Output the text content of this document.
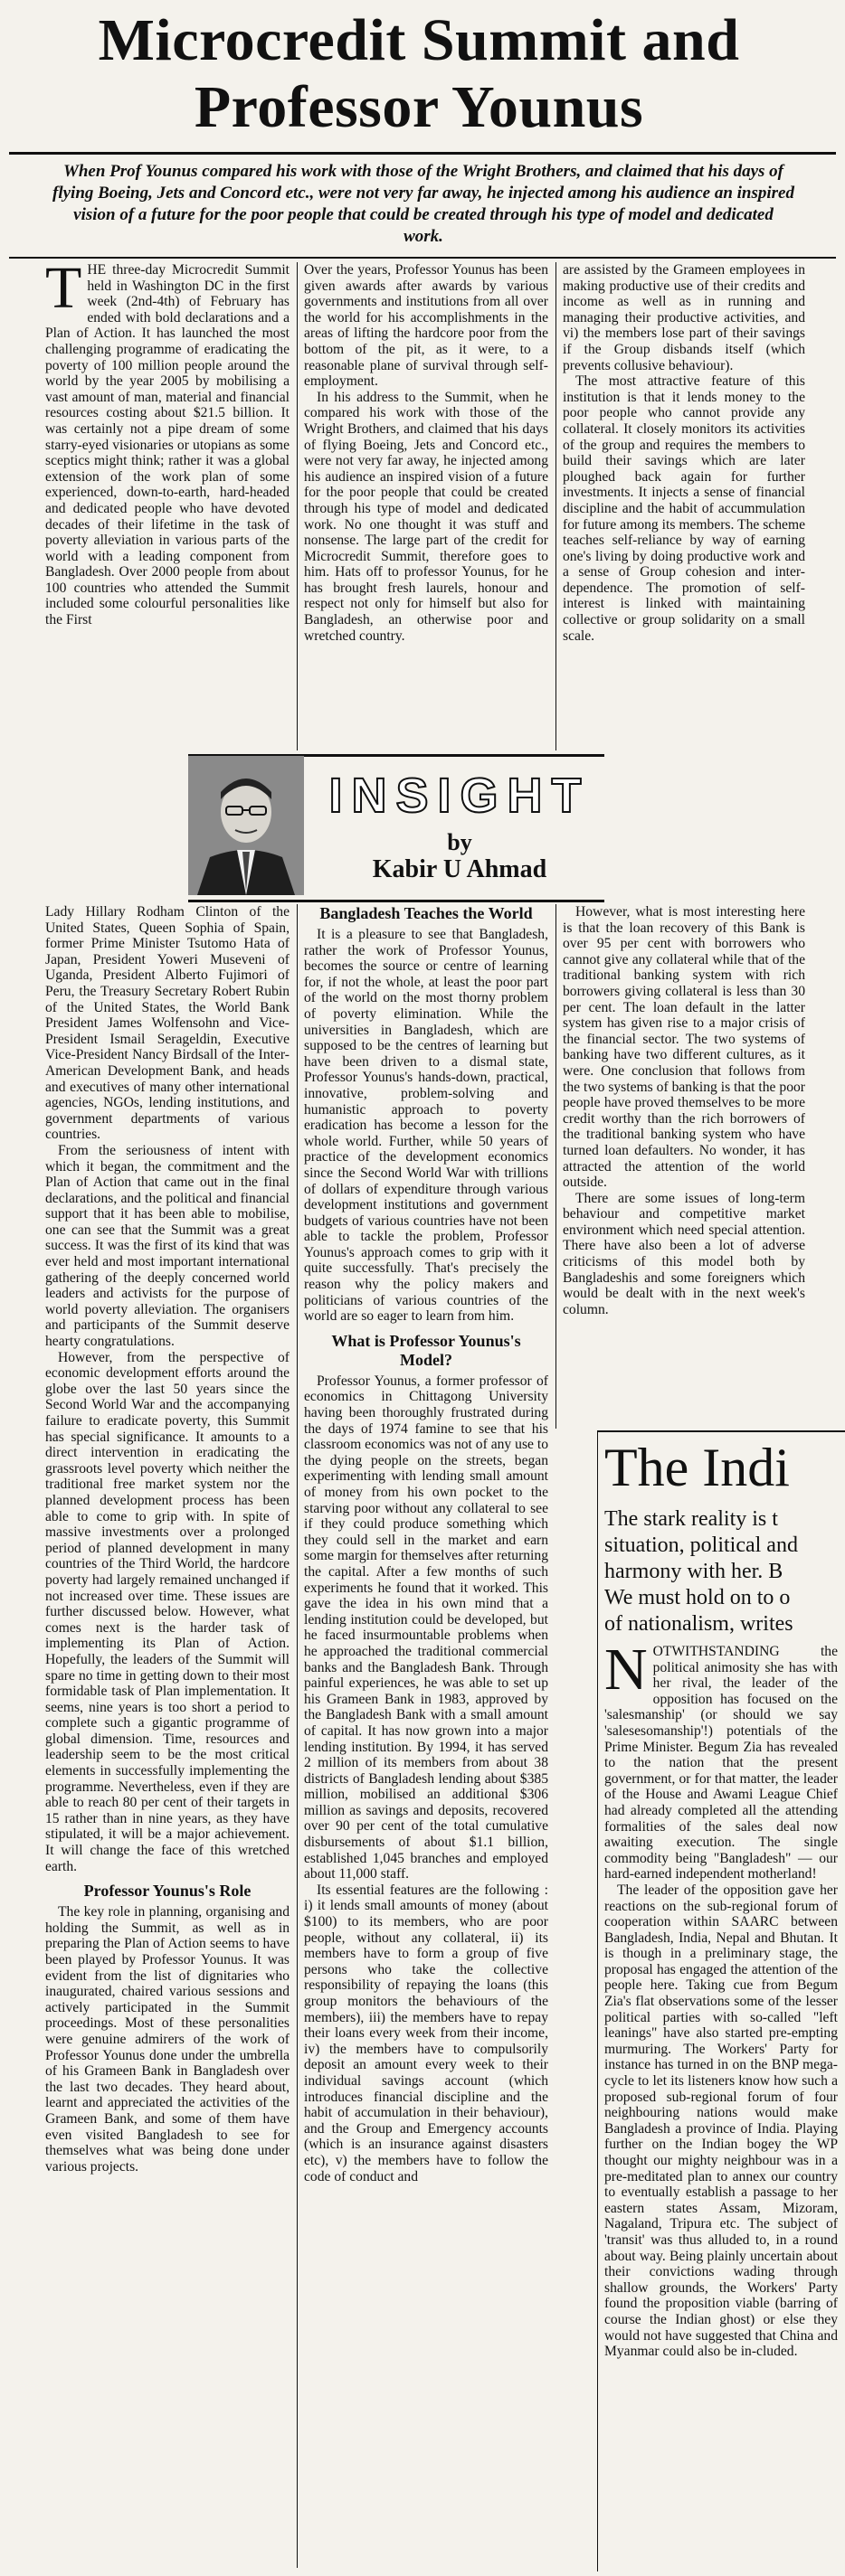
Microcredit Summit and
Professor Younus
When Prof Younus compared his work with those of the Wright Brothers, and claimed that his days of flying Boeing, Jets and Concord etc., were not very far away, he injected among his audience an inspired vision of a future for the poor people that could be created through his type of model and dedicated work.

THE three-day Microcredit Summit held in Washington DC in the first week (2nd-4th) of February has ended with bold declarations and a Plan of Action. It has launched the most challenging programme of eradicating the poverty of 100 million people around the world by the year 2005 by mobilising a vast amount of man, material and financial resources costing about $21.5 billion. It was certainly not a pipe dream of some starry-eyed visionaries or utopians as some sceptics might think; rather it was a global extension of the work plan of some experienced, down-to-earth, hard-headed and dedicated people who have devoted decades of their lifetime in the task of poverty alleviation in various parts of the world with a leading component from Bangladesh. Over 2000 people from about 100 countries who attended the Summit included some colourful personalities like the First

Over the years, Professor Younus has been given awards after awards by various governments and institutions from all over the world for his accomplishments in the areas of lifting the hardcore poor from the bottom of the pit, as it were, to a reasonable plane of survival through self-employment.

In his address to the Summit, when he compared his work with those of the Wright Brothers, and claimed that his days of flying Boeing, Jets and Concord etc., were not very far away, he injected among his audience an inspired vision of a future for the poor people that could be created through his type of model and dedicated work. No one thought it was stuff and nonsense. The large part of the credit for Microcredit Summit, therefore goes to him. Hats off to professor Younus, for he has brought fresh laurels, honour and respect not only for himself but also for Bangladesh, an otherwise poor and wretched country.

are assisted by the Grameen employees in making productive use of their credits and income as well as in running and managing their productive activities, and vi) the members lose part of their savings if the Group disbands itself (which prevents collusive behaviour).

The most attractive feature of this institution is that it lends money to the poor people who cannot provide any collateral. It closely monitors its activities of the group and requires the members to build their savings which are later ploughed back again for further investments. It injects a sense of financial discipline and the habit of accummulation for future among its members. The scheme teaches self-reliance by way of earning one's living by doing productive work and a sense of Group cohesion and inter-dependence. The promotion of self-interest is linked with maintaining collective or group solidarity on a small scale.

INSIGHT
by
Kabir U Ahmad

Lady Hillary Rodham Clinton of the United States, Queen Sophia of Spain, former Prime Minister Tsutomo Hata of Japan, President Yoweri Museveni of Uganda, President Alberto Fujimori of Peru, the Treasury Secretary Robert Rubin of the United States, the World Bank President James Wolfensohn and Vice-President Ismail Serageldin, Executive Vice-President Nancy Birdsall of the Inter-American Development Bank, and heads and executives of many other international agencies, NGOs, lending institutions, and government departments of various countries.

From the seriousness of intent with which it began, the commitment and the Plan of Action that came out in the final declarations, and the political and financial support that it has been able to mobilise, one can see that the Summit was a great success. It was the first of its kind that was ever held and most important international gathering of the deeply concerned world leaders and activists for the purpose of world poverty alleviation. The organisers and participants of the Summit deserve hearty congratulations.

However, from the perspective of economic development efforts around the globe over the last 50 years since the Second World War and the accompanying failure to eradicate poverty, this Summit has special significance. It amounts to a direct intervention in eradicating the grassroots level poverty which neither the traditional free market system nor the planned development process has been able to come to grip with. In spite of massive investments over a prolonged period of planned development in many countries of the Third World, the hardcore poverty had largely remained unchanged if not increased over time. These issues are further discussed below. However, what comes next is the harder task of implementing its Plan of Action. Hopefully, the leaders of the Summit will spare no time in getting down to their most formidable task of Plan implementation. It seems, nine years is too short a period to complete such a gigantic programme of global dimension. Time, resources and leadership seem to be the most critical elements in successfully implementing the programme. Nevertheless, even if they are able to reach 80 per cent of their targets in 15 rather than in nine years, as they have stipulated, it will be a major achievement. It will change the face of this wretched earth.

Professor Younus's Role

The key role in planning, organising and holding the Summit, as well as in preparing the Plan of Action seems to have been played by Professor Younus. It was evident from the list of dignitaries who inaugurated, chaired various sessions and actively participated in the Summit proceedings. Most of these personalities were genuine admirers of the work of Professor Younus done under the umbrella of his Grameen Bank in Bangladesh over the last two decades. They heard about, learnt and appreciated the activities of the Grameen Bank, and some of them have even visited Bangladesh to see for themselves what was being done under various projects.

Bangladesh Teaches the World

It is a pleasure to see that Bangladesh, rather the work of Professor Younus, becomes the source or centre of learning for, if not the whole, at least the poor part of the world on the most thorny problem of poverty elimination. While the universities in Bangladesh, which are supposed to be the centres of learning but have been driven to a dismal state, Professor Younus's hands-down, practical, innovative, problem-solving and humanistic approach to poverty eradication has become a lesson for the whole world. Further, while 50 years of practice of the development economics since the Second World War with trillions of dollars of expenditure through various development institutions and government budgets of various countries have not been able to tackle the problem, Professor Younus's approach comes to grip with it quite successfully. That's precisely the reason why the policy makers and politicians of various countries of the world are so eager to learn from him.

What is Professor Younus's Model?

Professor Younus, a former professor of economics in Chittagong University having been thoroughly frustrated during the days of 1974 famine to see that his classroom economics was not of any use to the dying people on the streets, began experimenting with lending small amount of money from his own pocket to the starving poor without any collateral to see if they could produce something which they could sell in the market and earn some margin for themselves after returning the capital. After a few months of such experiments he found that it worked. This gave the idea in his own mind that a lending institution could be developed, but he faced insurmountable problems when he approached the traditional commercial banks and the Bangladesh Bank. Through painful experiences, he was able to set up his Grameen Bank in 1983, approved by the Bangladesh Bank with a small amount of capital. It has now grown into a major lending institution. By 1994, it has served 2 million of its members from about 38 districts of Bangladesh lending about $385 million, mobilised an additional $306 million as savings and deposits, recovered over 90 per cent of the total cumulative disbursements of about $1.1 billion, established 1,045 branches and employed about 11,000 staff.

Its essential features are the following : i) it lends small amounts of money (about $100) to its members, who are poor people, without any collateral, ii) its members have to form a group of five persons who take the collective responsibility of repaying the loans (this group monitors the behaviours of the members), iii) the members have to repay their loans every week from their income, iv) the members have to compulsorily deposit an amount every week to their individual savings account (which introduces financial discipline and the habit of accumulation in their behaviour), and the Group and Emergency accounts (which is an insurance against disasters etc), v) the members have to follow the code of conduct and

However, what is most interesting here is that the loan recovery of this Bank is over 95 per cent with borrowers who cannot give any collateral while that of the traditional banking system with rich borrowers giving collateral is less than 30 per cent. The loan default in the latter system has given rise to a major crisis of the financial sector. The two systems of banking have two different cultures, as it were. One conclusion that follows from the two systems of banking is that the poor people have proved themselves to be more credit worthy than the rich borrowers of the traditional banking system who have turned loan defaulters. No wonder, it has attracted the attention of the world outside.

There are some issues of long-term behaviour and competitive market environment which need special attention. There have also been a lot of adverse criticisms of this model both by Bangladeshis and some foreigners which would be dealt with in the next week's column.

The Indi
The stark reality is t
situation, political and
harmony with her. B
We must hold on to o
of nationalism, writes

NOTWITHSTANDING the political animosity she has with her rival, the leader of the opposition has focused on the 'salesmanship' (or should we say 'salesesomanship'!) potentials of the Prime Minister. Begum Zia has revealed to the nation that the present government, or for that matter, the leader of the House and Awami League Chief had already completed all the attending formalities of the sales deal now awaiting execution. The single commodity being "Bangladesh" — our hard-earned independent motherland!

The leader of the opposition gave her reactions on the sub-regional forum of cooperation within SAARC between Bangladesh, India, Nepal and Bhutan. It is though in a preliminary stage, the proposal has engaged the attention of the people here. Taking cue from Begum Zia's flat observations some of the lesser political parties with so-called "left leanings" have also started pre-empting murmuring. The Workers' Party for instance has turned in on the BNP mega-cycle to let its listeners know how such a proposed sub-regional forum of four neighbouring nations would make Bangladesh a province of India. Playing further on the Indian bogey the WP thought our mighty neighbour was in a pre-meditated plan to annex our country to eventually establish a passage to her eastern states Assam, Mizoram, Nagaland, Tripura etc. The subject of 'transit' was thus alluded to, in a round about way. Being plainly uncertain about their convictions wading through shallow grounds, the Workers' Party found the proposition viable (barring of course the Indian ghost) or else they would not have suggested that China and Myanmar could also be in-cluded.
